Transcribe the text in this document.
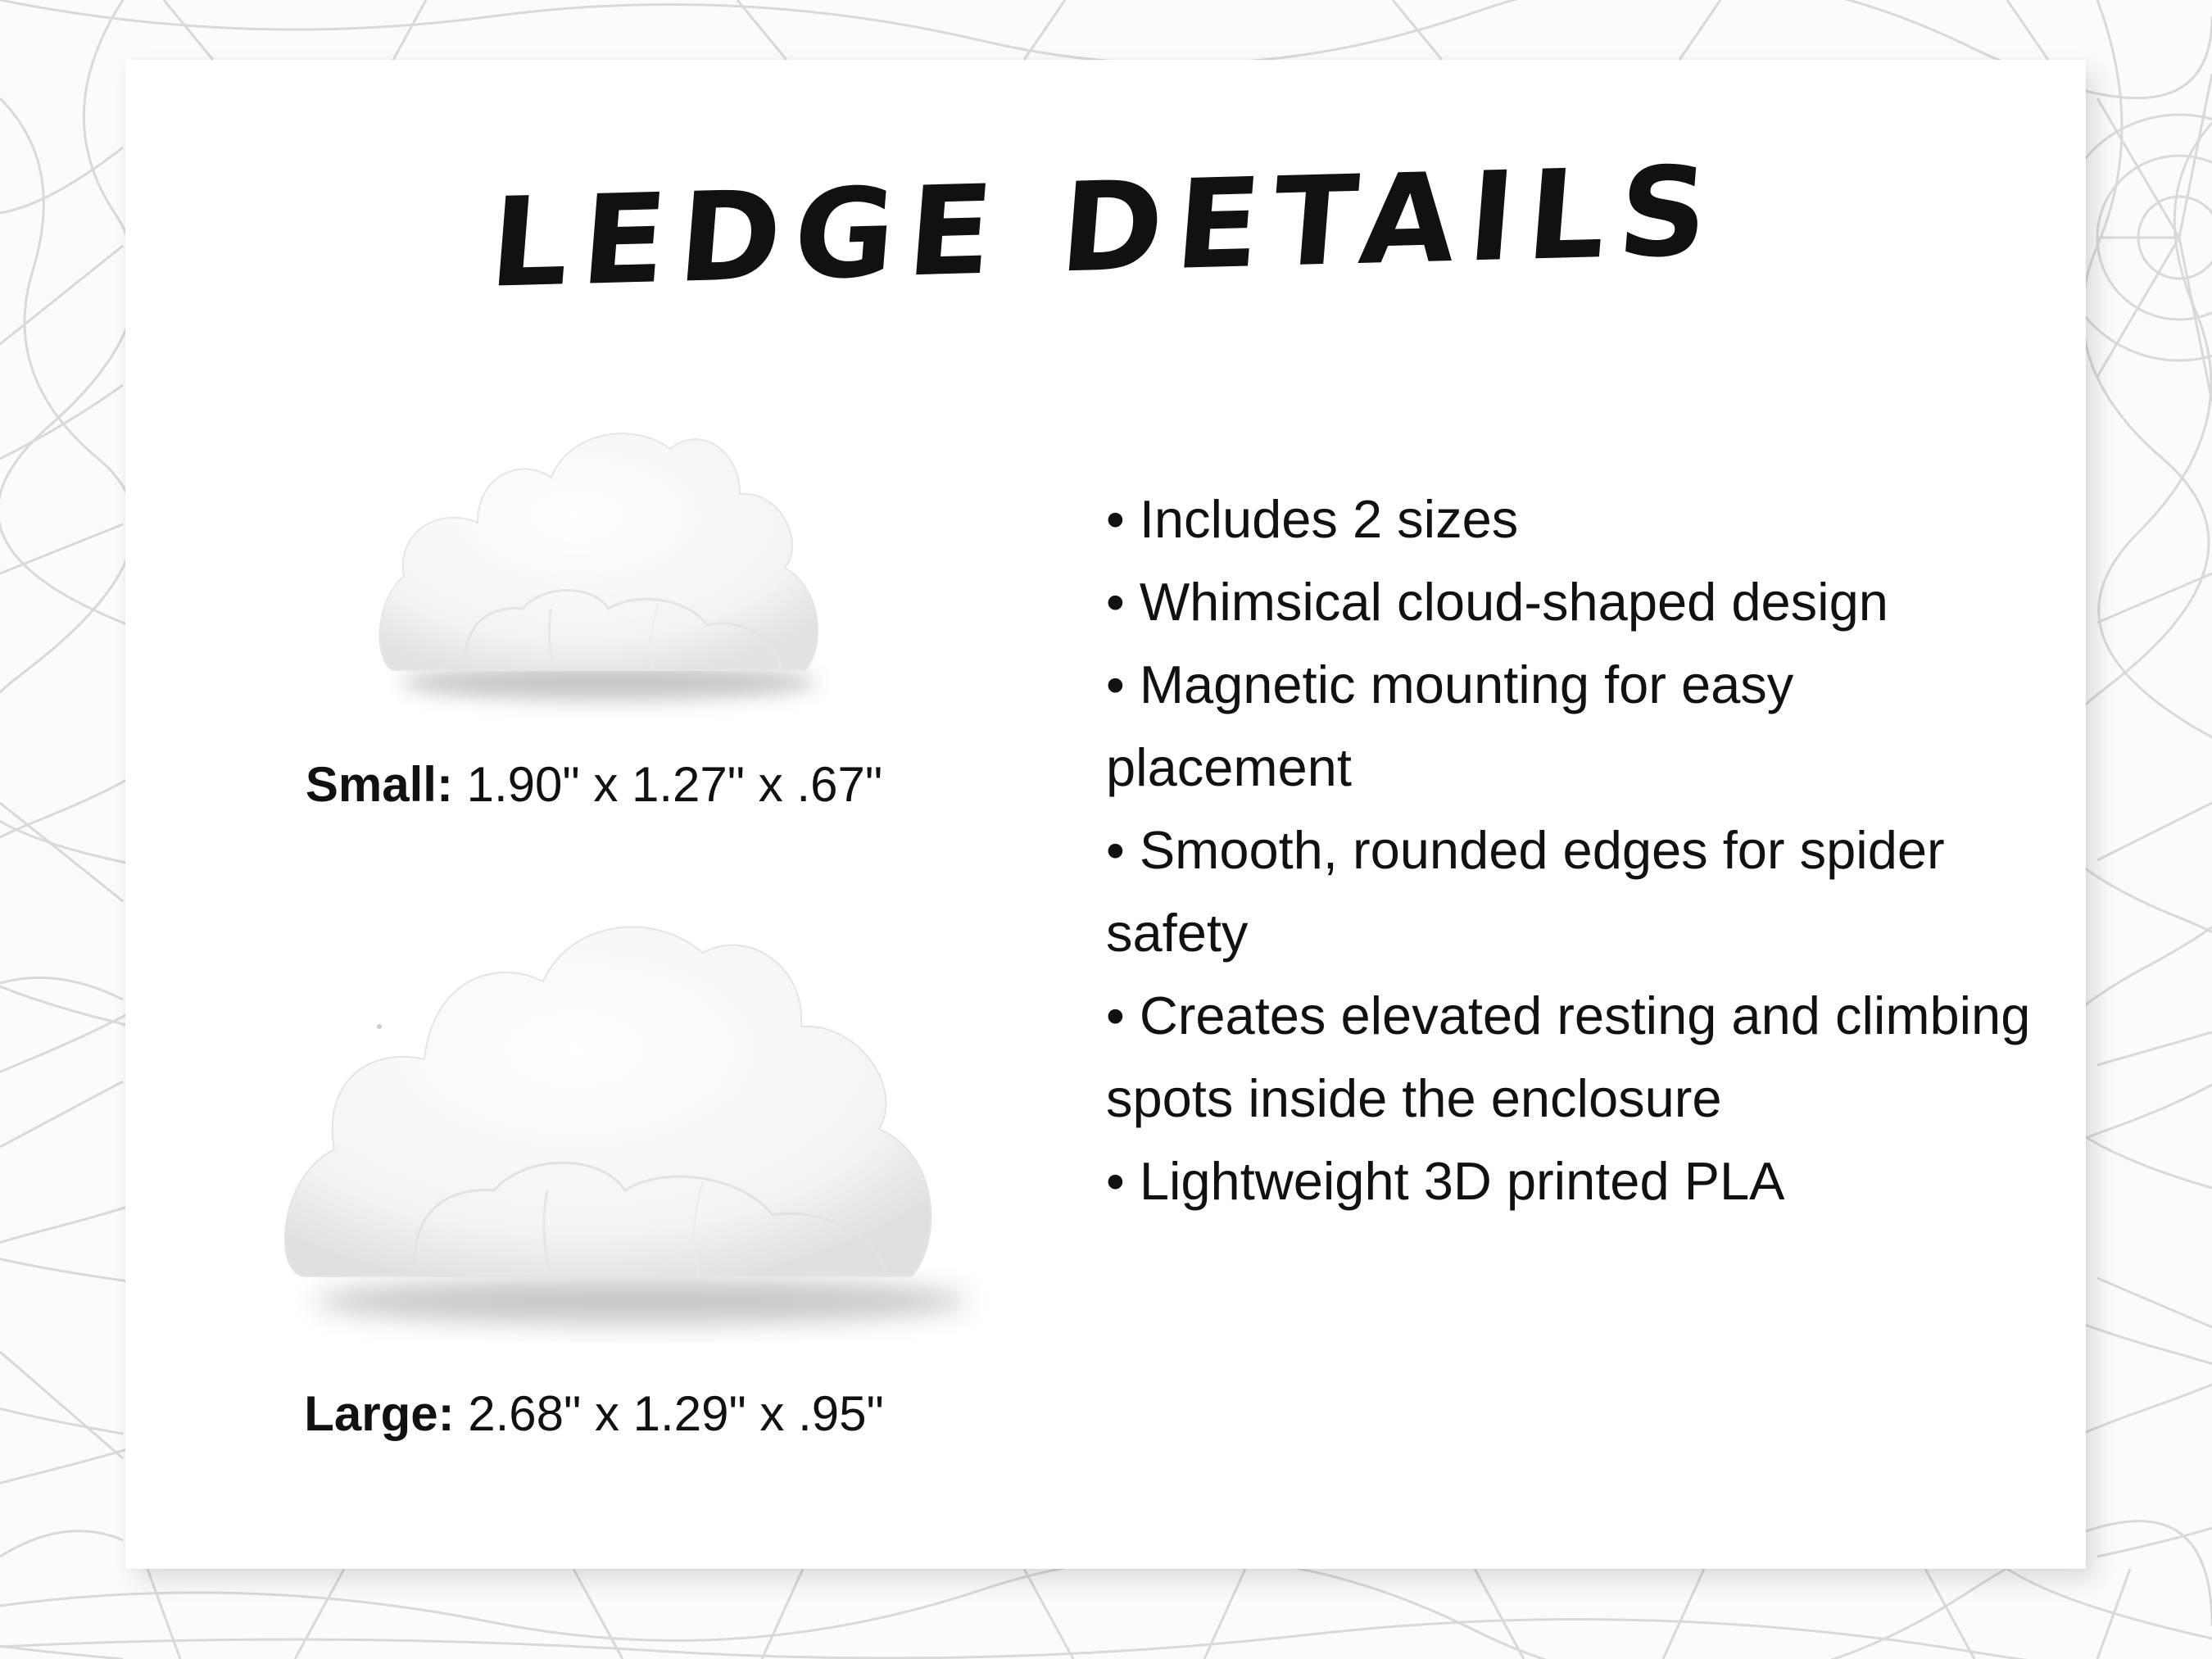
LEDGE DETAILS
Small: 1.90" x 1.27" x .67"
Large: 2.68" x 1.29" x .95"
• Includes 2 sizes
• Whimsical cloud-shaped design
• Magnetic mounting for easy placement
• Smooth, rounded edges for spider safety
• Creates elevated resting and climbing spots inside the enclosure
• Lightweight 3D printed PLA
